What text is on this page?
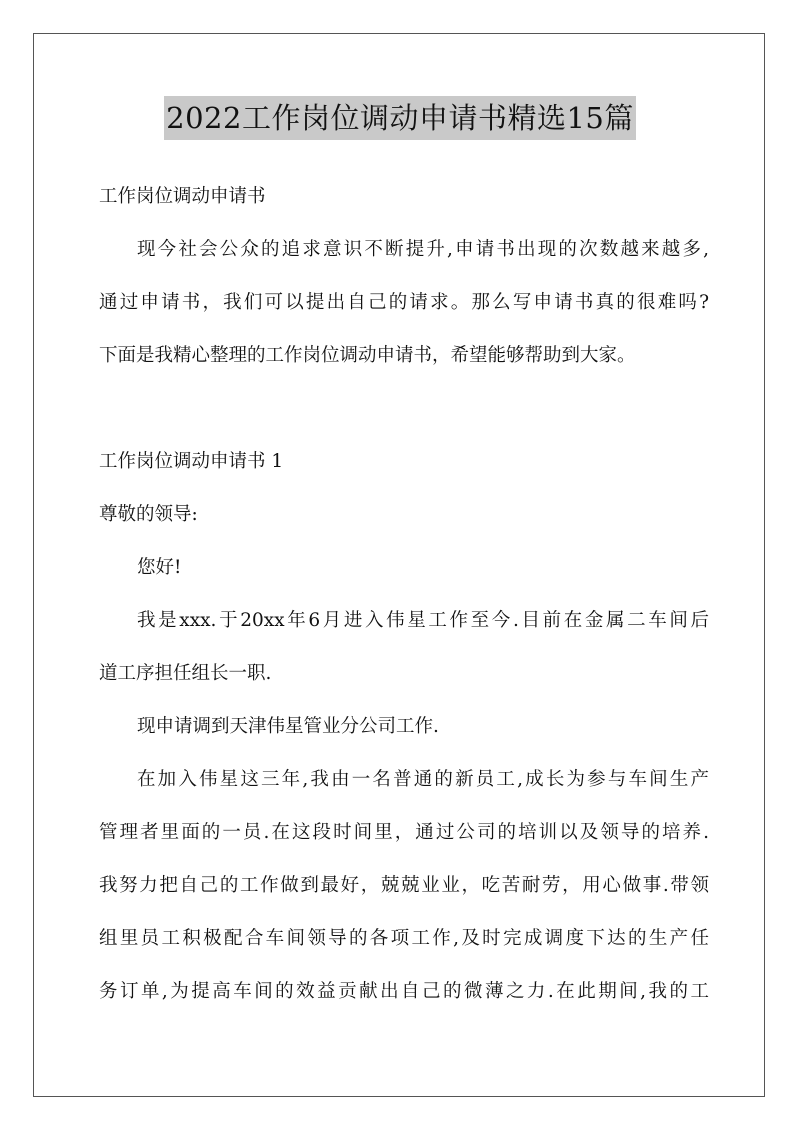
2022工作岗位调动申请书精选15篇
工作岗位调动申请书
现今社会公众的追求意识不断提升,申请书出现的次数越来越多,
通过申请书，我们可以提出自己的请求。那么写申请书真的很难吗?
下面是我精心整理的工作岗位调动申请书，希望能够帮助到大家。
工作岗位调动申请书 1
尊敬的领导:
您好!
我是xxx.于20xx年6月进入伟星工作至今.目前在金属二车间后
道工序担任组长一职.
现申请调到天津伟星管业分公司工作.
在加入伟星这三年,我由一名普通的新员工,成长为参与车间生产
管理者里面的一员.在这段时间里，通过公司的培训以及领导的培养.
我努力把自己的工作做到最好，兢兢业业，吃苦耐劳，用心做事.带领
组里员工积极配合车间领导的各项工作,及时完成调度下达的生产任
务订单,为提高车间的效益贡献出自己的微薄之力.在此期间,我的工
